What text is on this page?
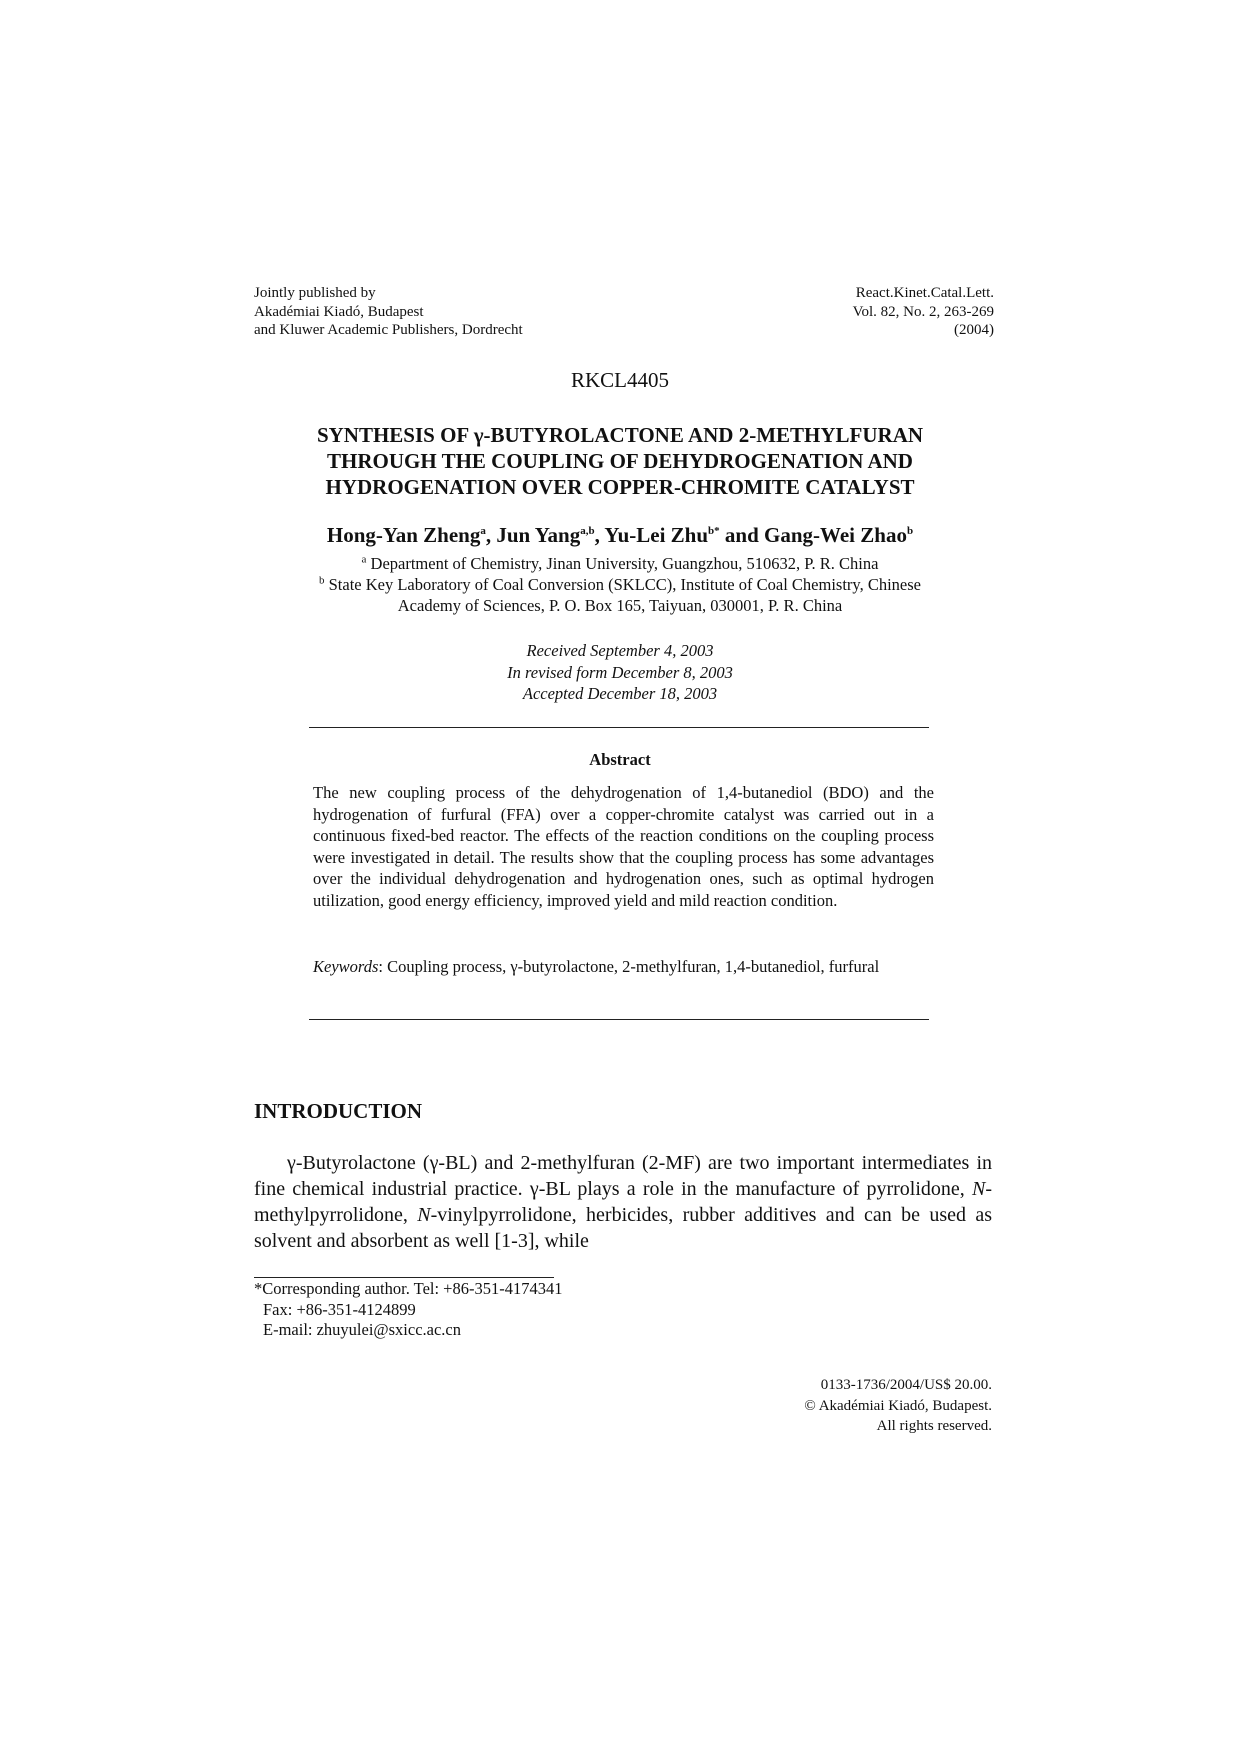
Jointly published by
Akadémiai Kiadó, Budapest
and Kluwer Academic Publishers, Dordrecht
React.Kinet.Catal.Lett.
Vol. 82, No. 2, 263-269
(2004)
RKCL4405
SYNTHESIS OF γ-BUTYROLACTONE AND 2-METHYLFURAN
THROUGH THE COUPLING OF DEHYDROGENATION AND
HYDROGENATION OVER COPPER-CHROMITE CATALYST
Hong-Yan Zheng$^a$, Jun Yang$^{a,b}$, Yu-Lei Zhu$^{b*}$ and Gang-Wei Zhao$^b$
$^a$ Department of Chemistry, Jinan University, Guangzhou, 510632, P. R. China
$^b$ State Key Laboratory of Coal Conversion (SKLCC), Institute of Coal Chemistry, Chinese
Academy of Sciences, P. O. Box 165, Taiyuan, 030001, P. R. China
Received September 4, 2003
In revised form December 8, 2003
Accepted December 18, 2003
Abstract
The new coupling process of the dehydrogenation of 1,4-butanediol (BDO) and the hydrogenation of furfural (FFA) over a copper-chromite catalyst was carried out in a continuous fixed-bed reactor. The effects of the reaction conditions on the coupling process were investigated in detail. The results show that the coupling process has some advantages over the individual dehydrogenation and hydrogenation ones, such as optimal hydrogen utilization, good energy efficiency, improved yield and mild reaction condition.
Keywords: Coupling process, γ-butyrolactone, 2-methylfuran, 1,4-butanediol, furfural
INTRODUCTION

γ-Butyrolactone (γ-BL) and 2-methylfuran (2-MF) are two important intermediates in fine chemical industrial practice. γ-BL plays a role in the manufacture of pyrrolidone, N-methylpyrrolidone, N-vinylpyrrolidone, herbicides, rubber additives and can be used as solvent and absorbent as well [1-3], while

*Corresponding author. Tel: +86-351-4174341
Fax: +86-351-4124899
E-mail: zhuyulei@sxicc.ac.cn
0133-1736/2004/US$ 20.00.
© Akadémiai Kiadó, Budapest.
All rights reserved.
